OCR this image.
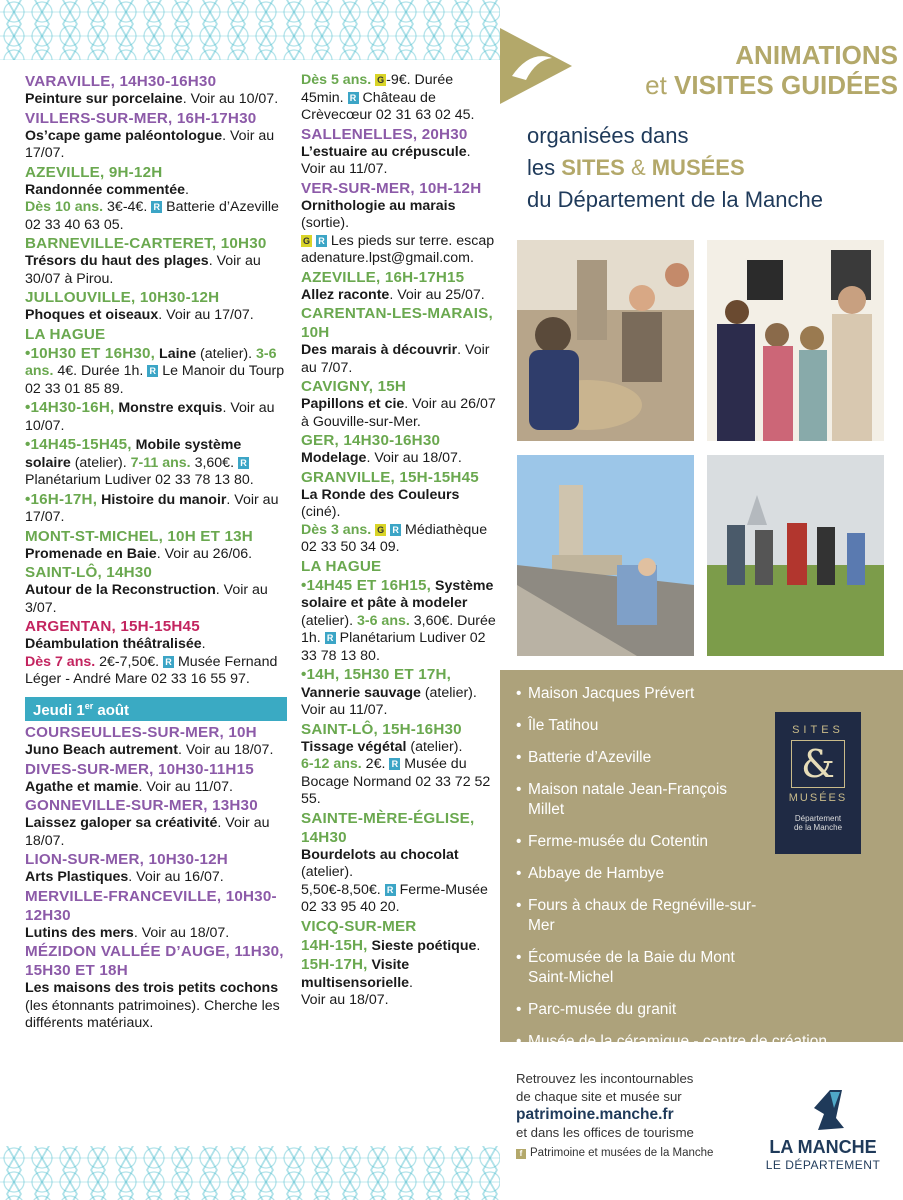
VARAVILLE, 14H30-16H30
Peinture sur porcelaine. Voir au 10/07.
VILLERS-SUR-MER, 16H-17H30
Os’cape game paléontologue. Voir au 17/07.
AZEVILLE, 9H-12H
Randonnée commentée.
Dès 10 ans. 3€-4€. R Batterie d’Azeville 02 33 40 63 05.
BARNEVILLE-CARTERET, 10H30
Trésors du haut des plages. Voir au 30/07 à Pirou.
JULLOUVILLE, 10H30-12H
Phoques et oiseaux. Voir au 17/07.
LA HAGUE
•10H30 ET 16H30, Laine (atelier). 3-6 ans. 4€. Durée 1h. R Le Manoir du Tourp 02 33 01 85 89.
•14H30-16H, Monstre exquis. Voir au 10/07.
•14H45-15H45, Mobile système solaire (atelier). 7-11 ans. 3,60€. R Planétarium Ludiver 02 33 78 13 80.
•16H-17H, Histoire du manoir. Voir au 17/07.
MONT-ST-MICHEL, 10H ET 13H
Promenade en Baie. Voir au 26/06.
SAINT-LÔ, 14H30
Autour de la Reconstruction. Voir au 3/07.
ARGENTAN, 15H-15H45
Déambulation théâtralisée.
Dès 7 ans. 2€-7,50€. R Musée Fernand Léger - André Mare 02 33 16 55 97.
Jeudi 1er août
COURSEULLES-SUR-MER, 10H
Juno Beach autrement. Voir au 18/07.
DIVES-SUR-MER, 10H30-11H15
Agathe et mamie. Voir au 11/07.
GONNEVILLE-SUR-MER, 13H30
Laissez galoper sa créativité. Voir au 18/07.
LION-SUR-MER, 10H30-12H
Arts Plastiques. Voir au 16/07.
MERVILLE-FRANCEVILLE, 10H30-12H30
Lutins des mers. Voir au 18/07.
MÉZIDON VALLÉE D’AUGE, 11H30, 15H30 ET 18H
Les maisons des trois petits cochons (les étonnants patrimoines). Cherche les différents matériaux.
Dès 5 ans. G -9€. Durée 45min. R Château de Crèvecœur 02 31 63 02 45.
SALLENELLES, 20H30
L’estuaire au crépuscule. Voir au 11/07.
VER-SUR-MER, 10H-12H
Ornithologie au marais (sortie).
G R Les pieds sur terre. escapadenature.lpst@gmail.com.
AZEVILLE, 16H-17H15
Allez raconte. Voir au 25/07.
CARENTAN-LES-MARAIS, 10H
Des marais à découvrir. Voir au 7/07.
CAVIGNY, 15H
Papillons et cie. Voir au 26/07 à Gouville-sur-Mer.
GER, 14H30-16H30
Modelage. Voir au 18/07.
GRANVILLE, 15H-15H45
La Ronde des Couleurs (ciné).
Dès 3 ans. G R Médiathèque 02 33 50 34 09.
LA HAGUE
•14H45 ET 16H15, Système solaire et pâte à modeler (atelier). 3-6 ans. 3,60€. Durée 1h. R Planétarium Ludiver 02 33 78 13 80.
•14H, 15H30 ET 17H, Vannerie sauvage (atelier). Voir au 11/07.
SAINT-LÔ, 15H-16H30
Tissage végétal (atelier).
6-12 ans. 2€. R Musée du Bocage Normand 02 33 72 52 55.
SAINTE-MÈRE-ÉGLISE, 14H30
Bourdelots au chocolat (atelier).
5,50€-8,50€. R Ferme-Musée 02 33 95 40 20.
VICQ-SUR-MER
14H-15H, Sieste poétique.
15H-17H, Visite multisensorielle.
Voir au 18/07.
ANIMATIONS
et VISITES GUIDÉES
organisées dans
les SITES & MUSÉES
du Département de la Manche
• Maison Jacques Prévert
• Île Tatihou
• Batterie d’Azeville
• Maison natale Jean-François Millet
• Ferme-musée du Cotentin
• Abbaye de Hambye
• Fours à chaux de Regnéville-sur-Mer
• Écomusée de la Baie du Mont Saint-Michel
• Parc-musée du granit
• Musée de la céramique - centre de création
SITES
&
MUSÉES
Département
de la Manche
Retrouvez les incontournables
de chaque site et musée sur
patrimoine.manche.fr
et dans les offices de tourisme
f Patrimoine et musées de la Manche	LA MANCHE
LE DÉPARTEMENT
